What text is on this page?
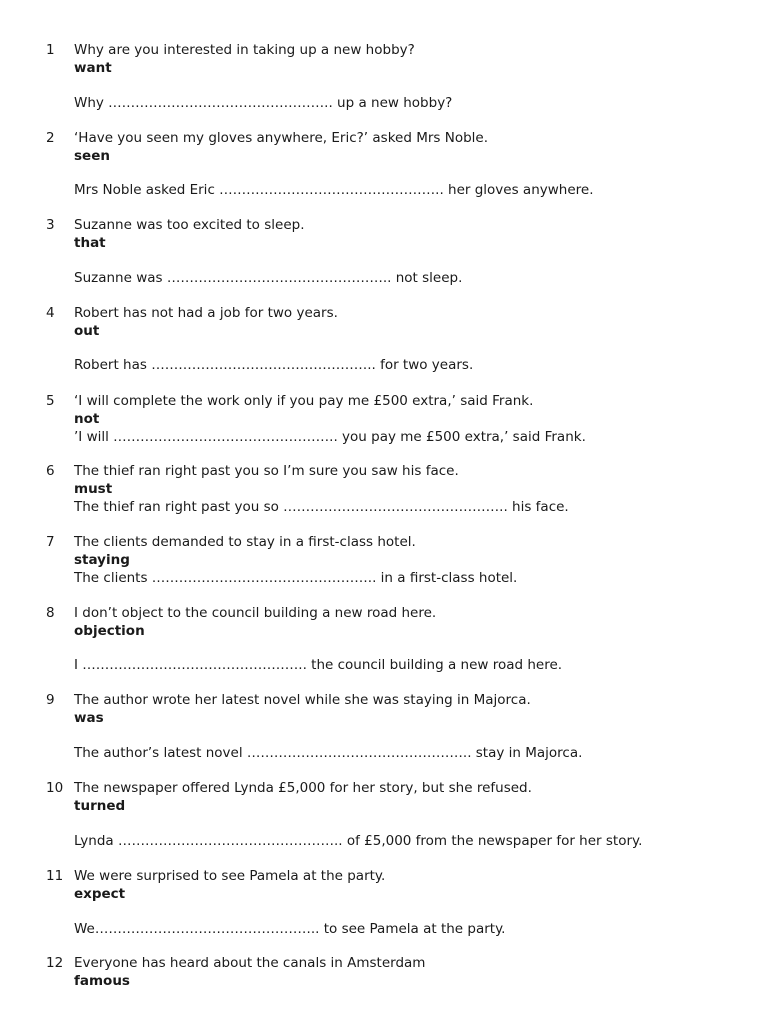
1 Why are you interested in taking up a new hobby?
want
Why ………………………………………….. up a new hobby?
2 ‘Have you seen my gloves anywhere, Eric?’ asked Mrs Noble.
seen
Mrs Noble asked Eric ………………………………………….. her gloves anywhere.
3 Suzanne was too excited to sleep.
that
Suzanne was ………………………………………….. not sleep.
4 Robert has not had a job for two years.
out
Robert has ………………………………………….. for two years.
5 ‘I will complete the work only if you pay me £500 extra,’ said Frank.
not
’I will ………………………………………….. you pay me £500 extra,’ said Frank.
6 The thief ran right past you so I’m sure you saw his face.
must
The thief ran right past you so ………………………………………….. his face.
7 The clients demanded to stay in a first-class hotel.
staying
The clients ………………………………………….. in a first-class hotel.
8 I don’t object to the council building a new road here.
objection
I ………………………………………….. the council building a new road here.
9 The author wrote her latest novel while she was staying in Majorca.
was
The author’s latest novel ………………………………………….. stay in Majorca.
10 The newspaper offered Lynda £5,000 for her story, but she refused.
turned
Lynda ………………………………………….. of £5,000 from the newspaper for her story.
11 We were surprised to see Pamela at the party.
expect
We………………………………………….. to see Pamela at the party.
12 Everyone has heard about the canals in Amsterdam
famous
